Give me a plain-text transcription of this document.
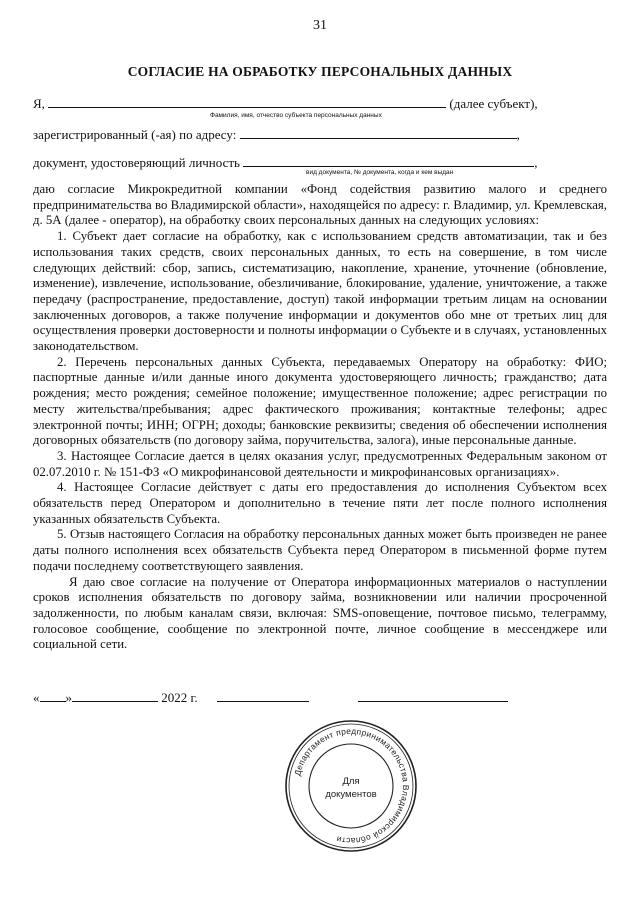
31
СОГЛАСИЕ НА ОБРАБОТКУ ПЕРСОНАЛЬНЫХ ДАННЫХ
Я,	(далее субъект),
Фамилия, имя, отчество субъекта персональных данных
зарегистрированный (-ая) по адресу:	,
документ, удостоверяющий личность	,
вид документа, № документа, когда и кем выдан

даю согласие Микрокредитной компании «Фонд содействия развитию малого и среднего предпринимательства во Владимирской области», находящейся по адресу: г. Владимир, ул. Кремлевская, д. 5А (далее - оператор), на обработку своих персональных данных на следующих условиях:

1. Субъект дает согласие на обработку, как с использованием средств автоматизации, так и без использования таких средств, своих персональных данных, то есть на совершение, в том числе следующих действий: сбор, запись, систематизацию, накопление, хранение, уточнение (обновление, изменение), извлечение, использование, обезличивание, блокирование, удаление, уничтожение, а также передачу (распространение, предоставление, доступ) такой информации третьим лицам на основании заключенных договоров, а также получение информации и документов обо мне от третьих лиц для осуществления проверки достоверности и полноты информации о Субъекте и в случаях, установленных законодательством.

2. Перечень персональных данных Субъекта, передаваемых Оператору на обработку: ФИО; паспортные данные и/или данные иного документа удостоверяющего личность; гражданство; дата рождения; место рождения; семейное положение; имущественное положение; адрес регистрации по месту жительства/пребывания; адрес фактического проживания; контактные телефоны; адрес электронной почты; ИНН; ОГРН; доходы; банковские реквизиты; сведения об обеспечении исполнения договорных обязательств (по договору займа, поручительства, залога), иные персональные данные.

3. Настоящее Согласие дается в целях оказания услуг, предусмотренных Федеральным законом от 02.07.2010 г. № 151-ФЗ «О микрофинансовой деятельности и микрофинансовых организациях».

4. Настоящее Согласие действует с даты его предоставления до исполнения Субъектом всех обязательств перед Оператором и дополнительно в течение пяти лет после полного исполнения указанных обязательств Субъекта.

5. Отзыв настоящего Согласия на обработку персональных данных может быть произведен не ранее даты полного исполнения всех обязательств Субъекта перед Оператором в письменной форме путем подачи последнему соответствующего заявления.

Я даю свое согласие на получение от Оператора информационных материалов о наступлении сроков исполнения обязательств по договору займа, возникновении или наличии просроченной задолженности, по любым каналам связи, включая: SMS-оповещение, почтовое письмо, телеграмму, голосовое сообщение, сообщение по электронной почте, личное сообщение в мессенджере или социальной сети.

« »	2022 г.
Департамент предпринимательства Владимирской области
Для
документов
